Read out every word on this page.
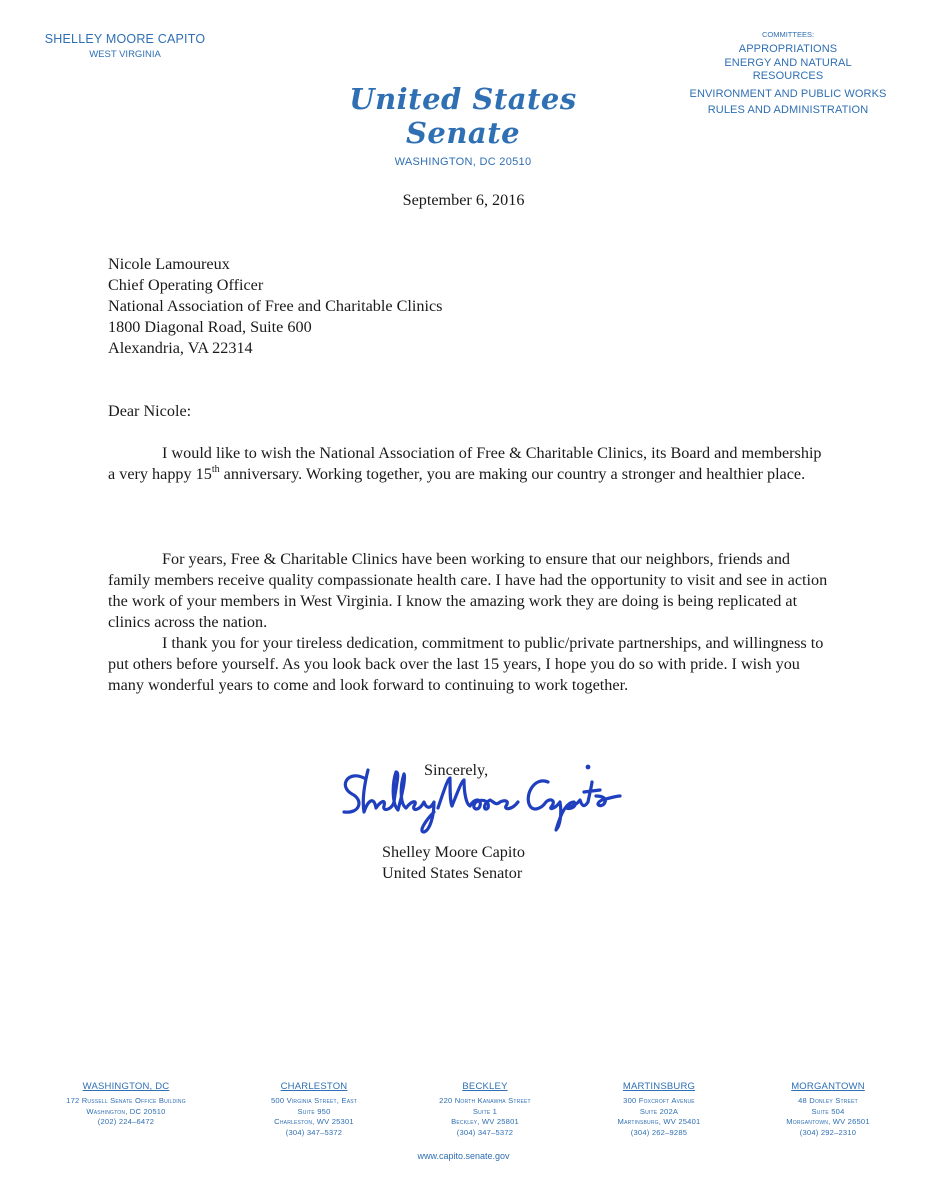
SHELLEY MOORE CAPITO
WEST VIRGINIA
United States Senate
WASHINGTON, DC 20510
COMMITTEES:
APPROPRIATIONS
ENERGY AND NATURAL RESOURCES
ENVIRONMENT AND PUBLIC WORKS
RULES AND ADMINISTRATION
September 6, 2016
Nicole Lamoureux
Chief Operating Officer
National Association of Free and Charitable Clinics
1800 Diagonal Road, Suite 600
Alexandria, VA 22314
Dear Nicole:

I would like to wish the National Association of Free & Charitable Clinics, its Board and membership a very happy 15th anniversary. Working together, you are making our country a stronger and healthier place.

For years, Free & Charitable Clinics have been working to ensure that our neighbors, friends and family members receive quality compassionate health care. I have had the opportunity to visit and see in action the work of your members in West Virginia. I know the amazing work they are doing is being replicated at clinics across the nation.

I thank you for your tireless dedication, commitment to public/private partnerships, and willingness to put others before yourself. As you look back over the last 15 years, I hope you do so with pride. I wish you many wonderful years to come and look forward to continuing to work together.

Sincerely,
Shelley Moore Capito
United States Senator
WASHINGTON, DC
172 Russell Senate Office Building
Washington, DC 20510
(202) 224–6472
CHARLESTON
500 Virginia Street, East
Suite 950
Charleston, WV 25301
(304) 347–5372
BECKLEY
220 North Kanawha Street
Suite 1
Beckley, WV 25801
(304) 347–5372
MARTINSBURG
300 Foxcroft Avenue
Suite 202A
Martinsburg, WV 25401
(304) 262–9285
MORGANTOWN
48 Donley Street
Suite 504
Morgantown, WV 26501
(304) 292–2310
www.capito.senate.gov
